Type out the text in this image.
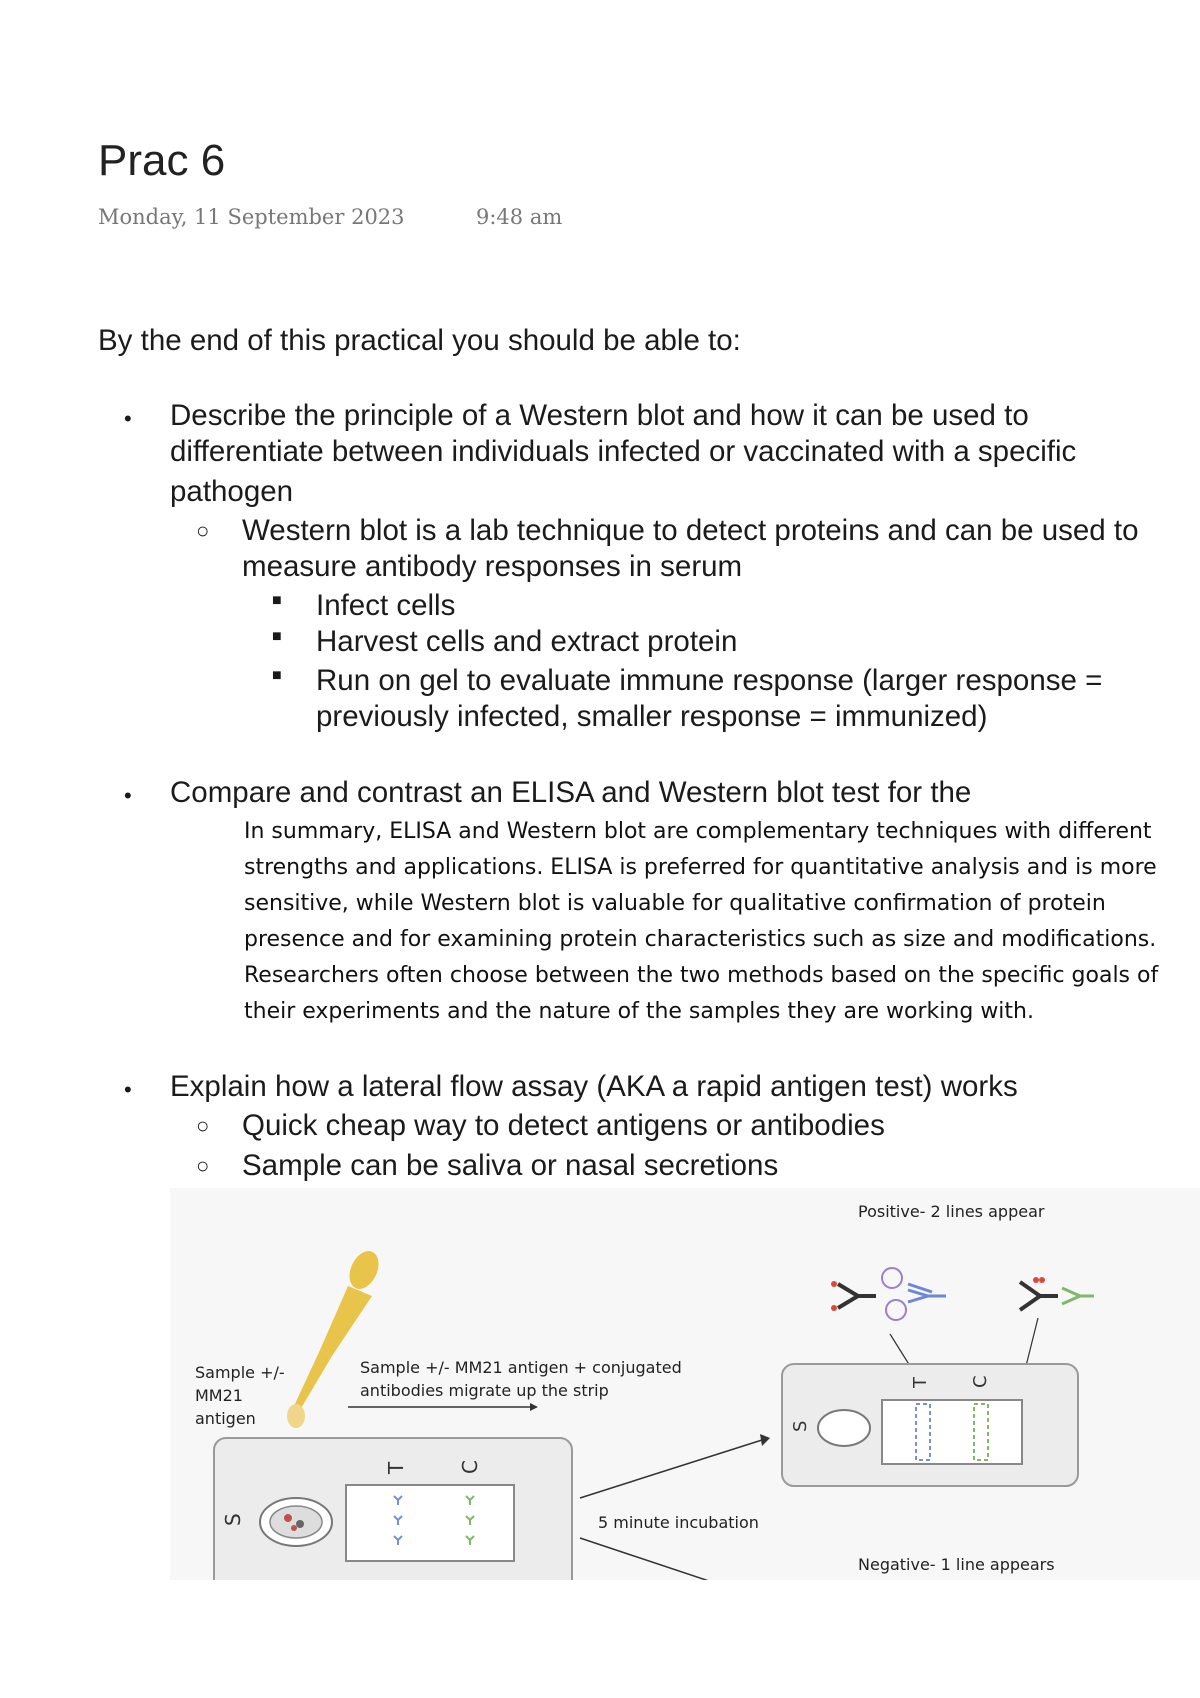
Prac 6
Monday, 11 September 2023	9:48 am
By the end of this practical you should be able to:
• Describe the principle of a Western blot and how it can be used to
differentiate between individuals infected or vaccinated with a specific
pathogen
○ Western blot is a lab technique to detect proteins and can be used to
measure antibody responses in serum
■ Infect cells
■ Harvest cells and extract protein
■ Run on gel to evaluate immune response (larger response =
previously infected, smaller response = immunized)
• Compare and contrast an ELISA and Western blot test for the
In summary, ELISA and Western blot are complementary techniques with different
strengths and applications. ELISA is preferred for quantitative analysis and is more
sensitive, while Western blot is valuable for qualitative confirmation of protein
presence and for examining protein characteristics such as size and modifications.
Researchers often choose between the two methods based on the specific goals of
their experiments and the nature of the samples they are working with.
• Explain how a lateral flow assay (AKA a rapid antigen test) works
○ Quick cheap way to detect antigens or antibodies
○ Sample can be saliva or nasal secretions
Sample +/-
MM21
antigen
Sample +/- MM21 antigen + conjugated
antibodies migrate up the strip
S
T	C
5 minute incubation
Positive- 2 lines appear
S
T C
Negative- 1 line appears
